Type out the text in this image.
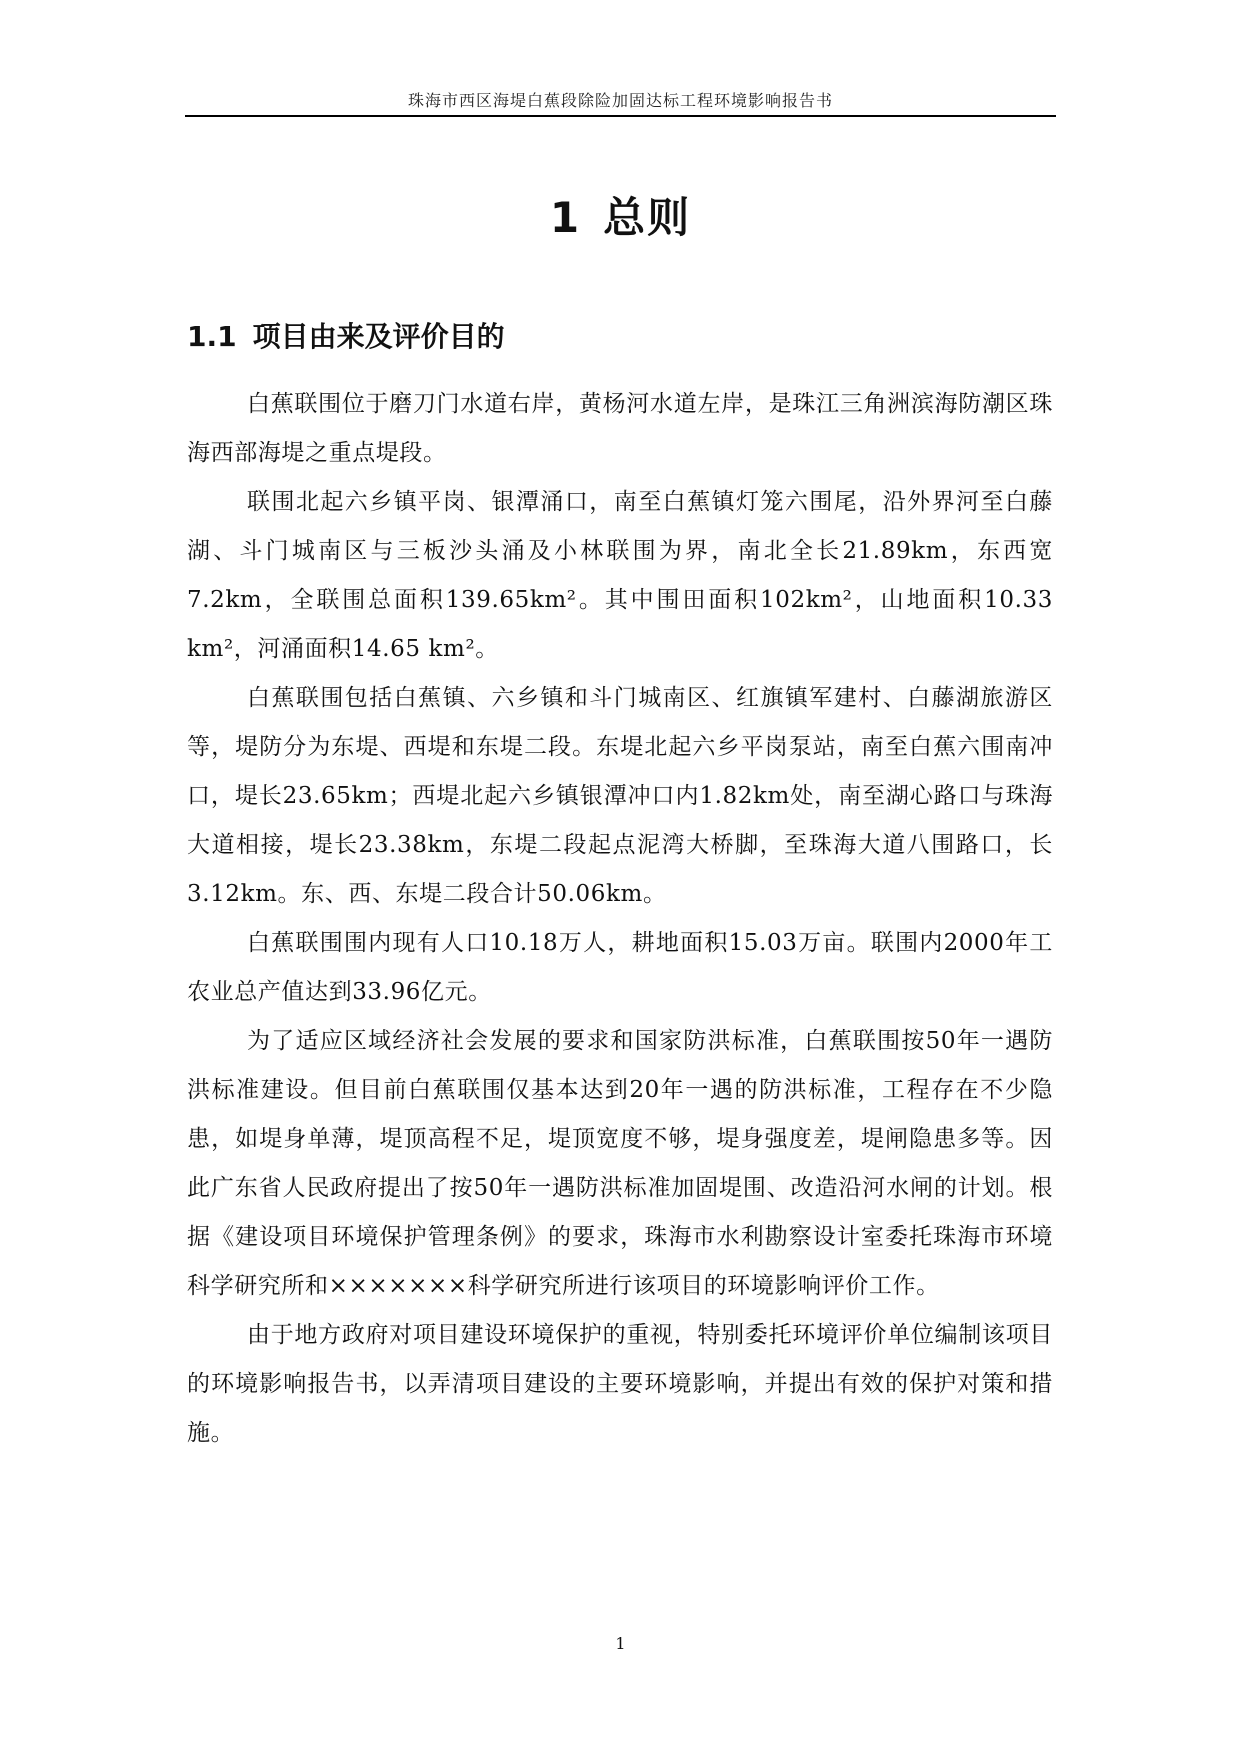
珠海市西区海堤白蕉段除险加固达标工程环境影响报告书
1 总则
1.1 项目由来及评价目的

白蕉联围位于磨刀门水道右岸，黄杨河水道左岸，是珠江三角洲滨海防潮区珠海西部海堤之重点堤段。

联围北起六乡镇平岗、银潭涌口，南至白蕉镇灯笼六围尾，沿外界河至白藤湖、斗门城南区与三板沙头涌及小林联围为界，南北全长21.89km，东西宽7.2km，全联围总面积139.65km²。其中围田面积102km²，山地面积10.33 km²，河涌面积14.65 km²。

白蕉联围包括白蕉镇、六乡镇和斗门城南区、红旗镇军建村、白藤湖旅游区等，堤防分为东堤、西堤和东堤二段。东堤北起六乡平岗泵站，南至白蕉六围南冲口，堤长23.65km；西堤北起六乡镇银潭冲口内1.82km处，南至湖心路口与珠海大道相接，堤长23.38km，东堤二段起点泥湾大桥脚，至珠海大道八围路口，长3.12km。东、西、东堤二段合计50.06km。

白蕉联围围内现有人口10.18万人，耕地面积15.03万亩。联围内2000年工农业总产值达到33.96亿元。

为了适应区域经济社会发展的要求和国家防洪标准，白蕉联围按50年一遇防洪标准建设。但目前白蕉联围仅基本达到20年一遇的防洪标准，工程存在不少隐患，如堤身单薄，堤顶高程不足，堤顶宽度不够，堤身强度差，堤闸隐患多等。因此广东省人民政府提出了按50年一遇防洪标准加固堤围、改造沿河水闸的计划。根据《建设项目环境保护管理条例》的要求，珠海市水利勘察设计室委托珠海市环境科学研究所和×××××××科学研究所进行该项目的环境影响评价工作。

由于地方政府对项目建设环境保护的重视，特别委托环境评价单位编制该项目的环境影响报告书，以弄清项目建设的主要环境影响，并提出有效的保护对策和措施。

1
